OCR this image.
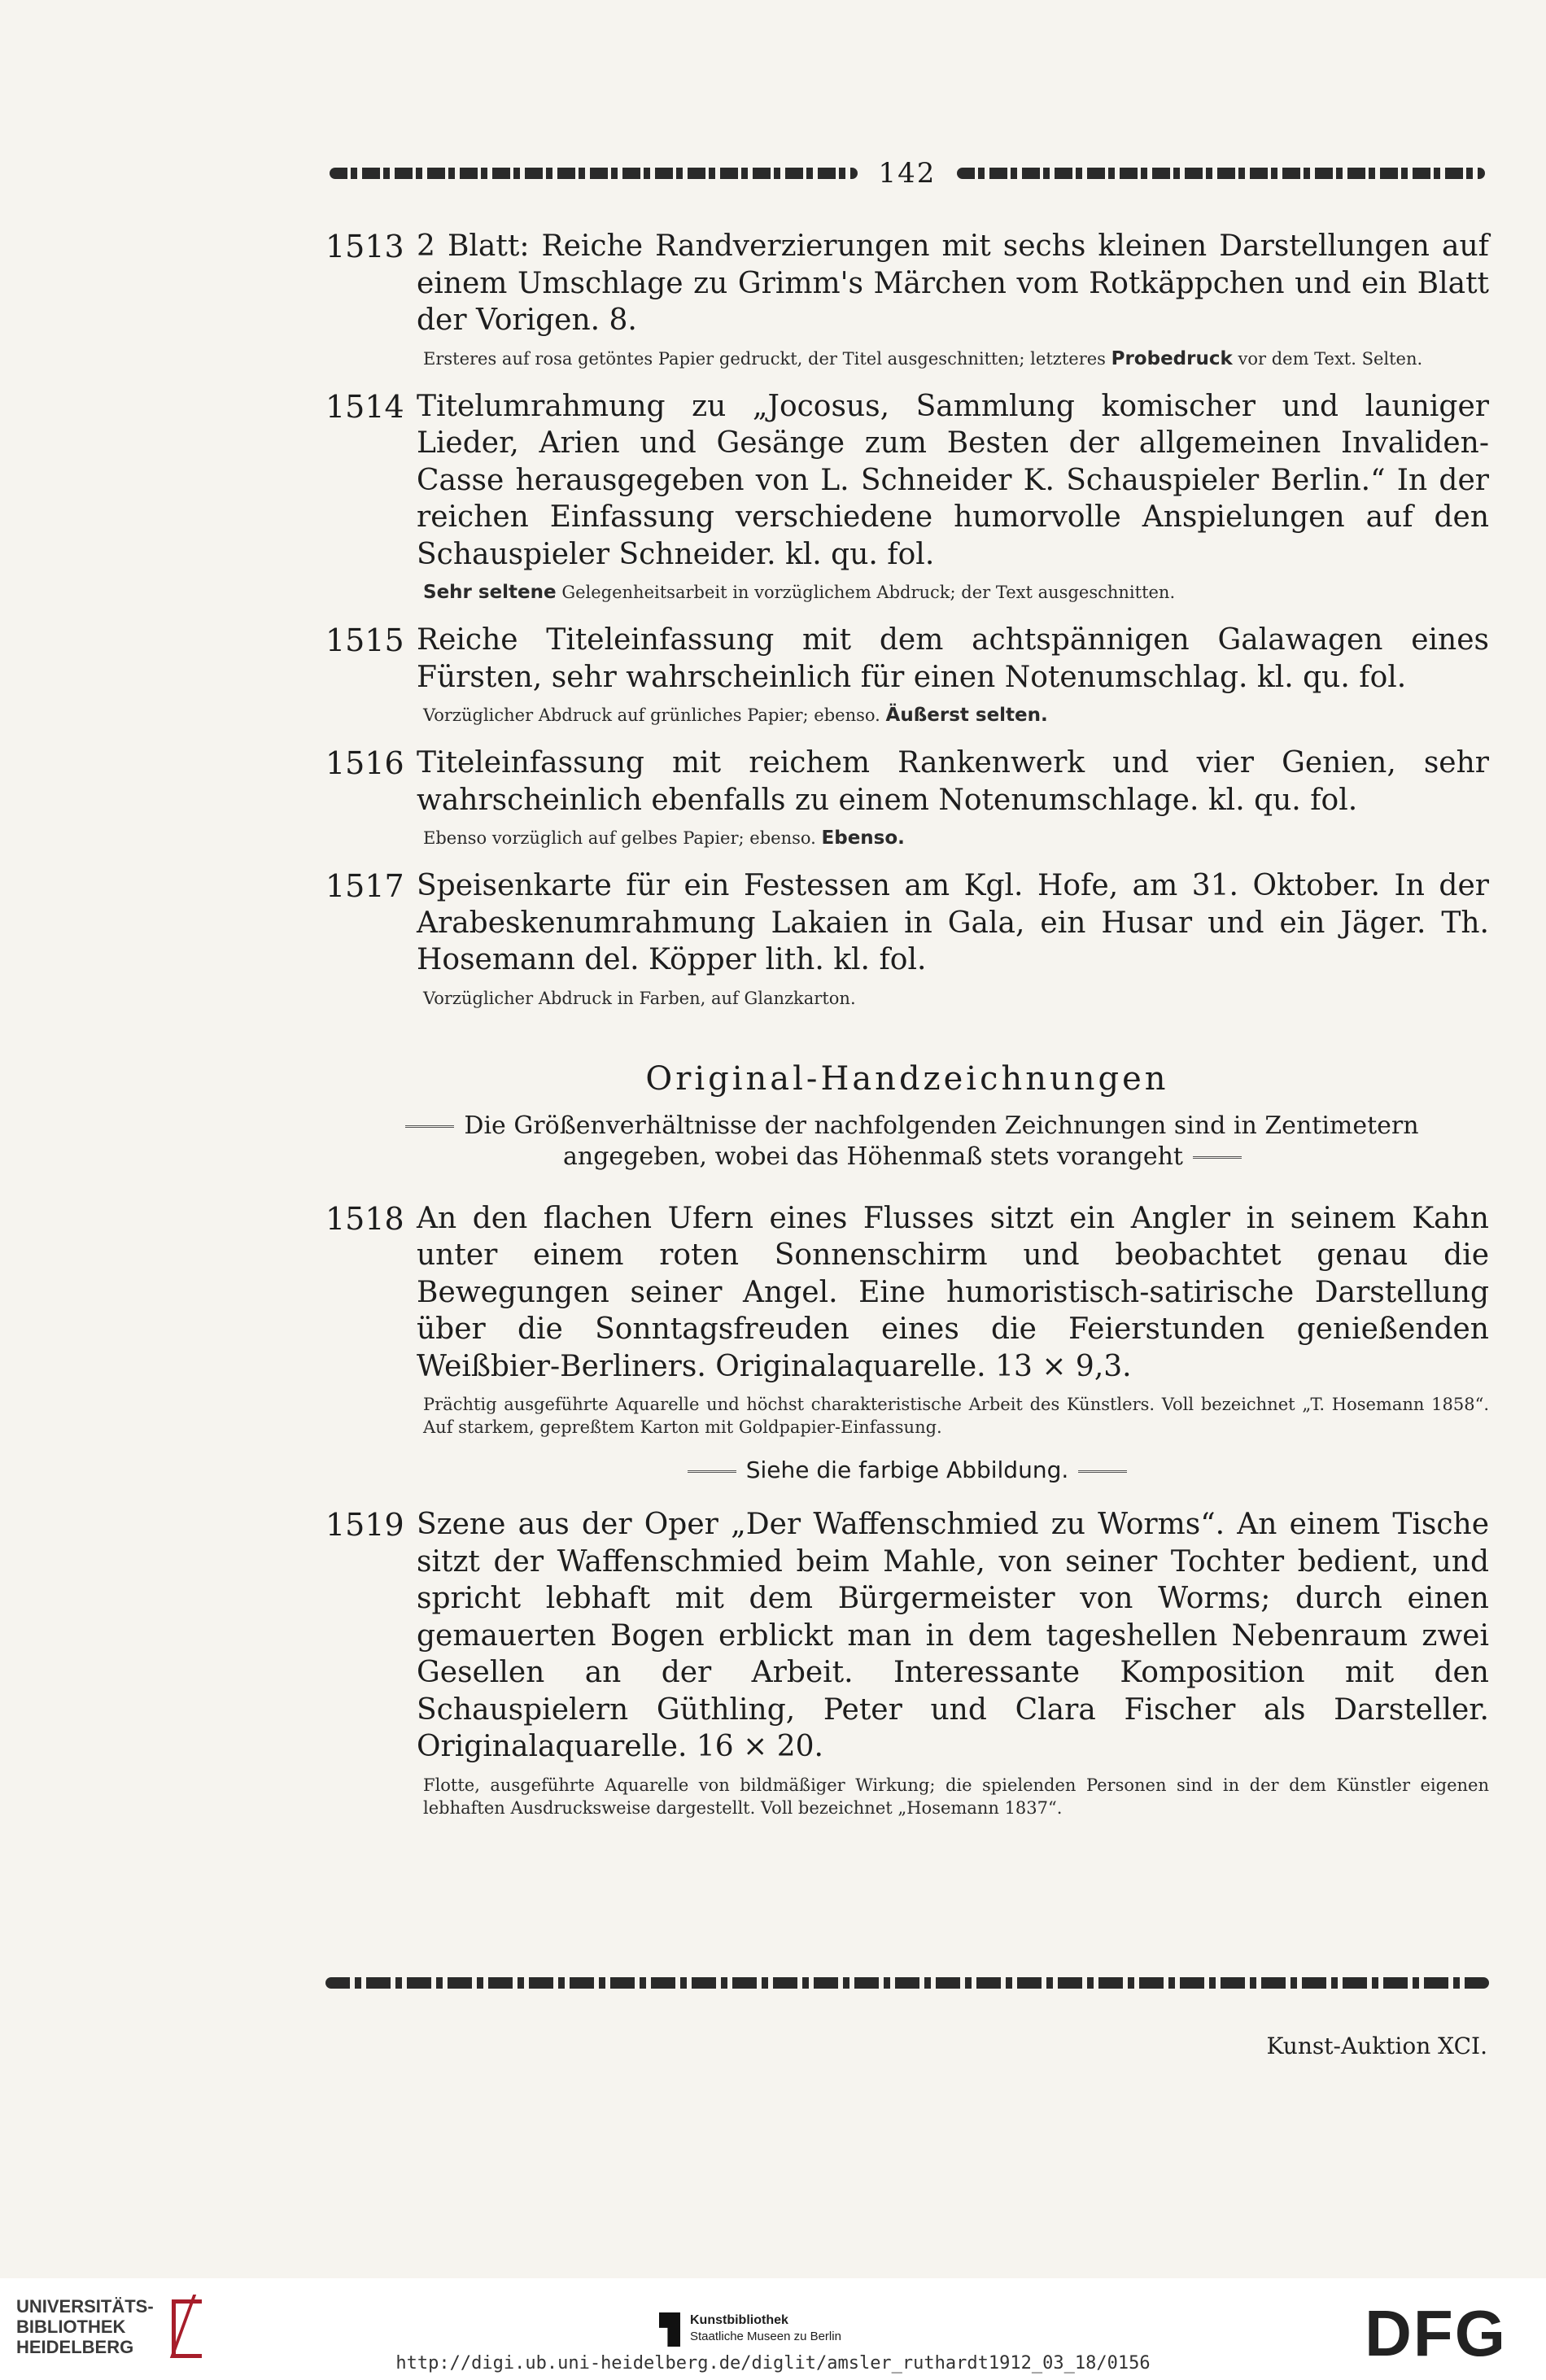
142
1513 2 Blatt: Reiche Randverzierungen mit sechs kleinen Darstellungen auf einem Umschlage zu Grimm's Märchen vom Rotkäppchen und ein Blatt der Vorigen. 8.
Ersteres auf rosa getöntes Papier gedruckt, der Titel ausgeschnitten; letzteres Probedruck vor dem Text. Selten.
1514 Titelumrahmung zu „Jocosus, Sammlung komischer und launiger Lieder, Arien und Gesänge zum Besten der allgemeinen Invaliden-Casse herausgegeben von L. Schneider K. Schauspieler Berlin.“ In der reichen Einfassung verschiedene humorvolle Anspielungen auf den Schauspieler Schneider. kl. qu. fol.
Sehr seltene Gelegenheitsarbeit in vorzüglichem Abdruck; der Text ausgeschnitten.
1515 Reiche Titeleinfassung mit dem achtspännigen Galawagen eines Fürsten, sehr wahrscheinlich für einen Notenumschlag. kl. qu. fol.
Vorzüglicher Abdruck auf grünliches Papier; ebenso. Äußerst selten.
1516 Titeleinfassung mit reichem Rankenwerk und vier Genien, sehr wahrscheinlich ebenfalls zu einem Notenumschlage. kl. qu. fol.
Ebenso vorzüglich auf gelbes Papier; ebenso. Ebenso.
1517 Speisenkarte für ein Festessen am Kgl. Hofe, am 31. Oktober. In der Arabeskenumrahmung Lakaien in Gala, ein Husar und ein Jäger. Th. Hosemann del. Köpper lith. kl. fol.
Vorzüglicher Abdruck in Farben, auf Glanzkarton.
Original-Handzeichnungen
Die Größenverhältnisse der nachfolgenden Zeichnungen sind in Zentimetern angegeben, wobei das Höhenmaß stets vorangeht
1518 An den flachen Ufern eines Flusses sitzt ein Angler in seinem Kahn unter einem roten Sonnenschirm und beobachtet genau die Bewegungen seiner Angel. Eine humoristisch-satirische Darstellung über die Sonntagsfreuden eines die Feierstunden genießenden Weißbier-Berliners. Originalaquarelle. 13 × 9,3.
Prächtig ausgeführte Aquarelle und höchst charakteristische Arbeit des Künstlers. Voll bezeichnet „T. Hosemann 1858“. Auf starkem, gepreßtem Karton mit Goldpapier-Einfassung.
Siehe die farbige Abbildung.
1519 Szene aus der Oper „Der Waffenschmied zu Worms“. An einem Tische sitzt der Waffenschmied beim Mahle, von seiner Tochter bedient, und spricht lebhaft mit dem Bürgermeister von Worms; durch einen gemauerten Bogen erblickt man in dem tageshellen Nebenraum zwei Gesellen an der Arbeit. Interessante Komposition mit den Schauspielern Güthling, Peter und Clara Fischer als Darsteller. Originalaquarelle. 16 × 20.
Flotte, ausgeführte Aquarelle von bildmäßiger Wirkung; die spielenden Personen sind in der dem Künstler eigenen lebhaften Ausdrucksweise dargestellt. Voll bezeichnet „Hosemann 1837“.
Kunst-Auktion XCI.
UNIVERSITÄTS-
BIBLIOTHEK
HEIDELBERG
Kunstbibliothek
Staatliche Museen zu Berlin	DFG
http://digi.ub.uni-heidelberg.de/diglit/amsler_ruthardt1912_03_18/0156
